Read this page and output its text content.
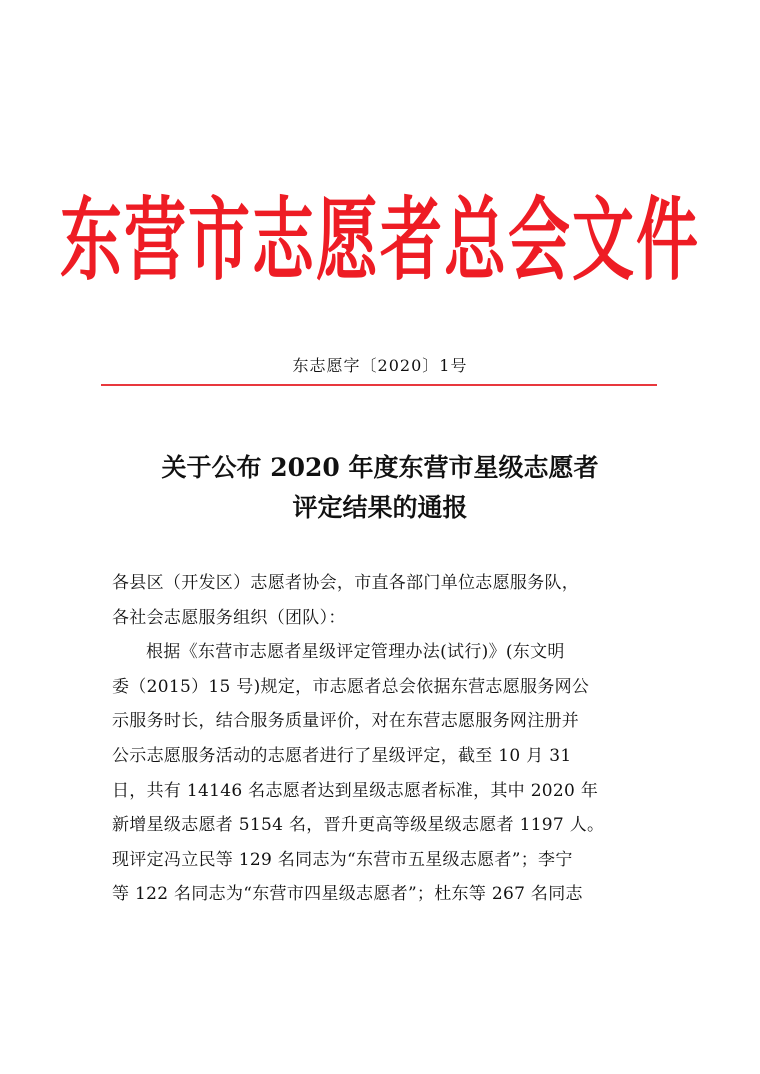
东营市志愿者总会文件
东志愿字〔2020〕1号
关于公布 2020 年度东营市星级志愿者
评定结果的通报
各县区（开发区）志愿者协会，市直各部门单位志愿服务队，
各社会志愿服务组织（团队）：
根据《东营市志愿者星级评定管理办法(试行)》(东文明
委（2015）15 号)规定，市志愿者总会依据东营志愿服务网公
示服务时长，结合服务质量评价，对在东营志愿服务网注册并
公示志愿服务活动的志愿者进行了星级评定，截至 10 月 31
日，共有 14146 名志愿者达到星级志愿者标准，其中 2020 年
新增星级志愿者 5154 名，晋升更高等级星级志愿者 1197 人。
现评定冯立民等 129 名同志为“东营市五星级志愿者”；李宁
等 122 名同志为“东营市四星级志愿者”；杜东等 267 名同志
